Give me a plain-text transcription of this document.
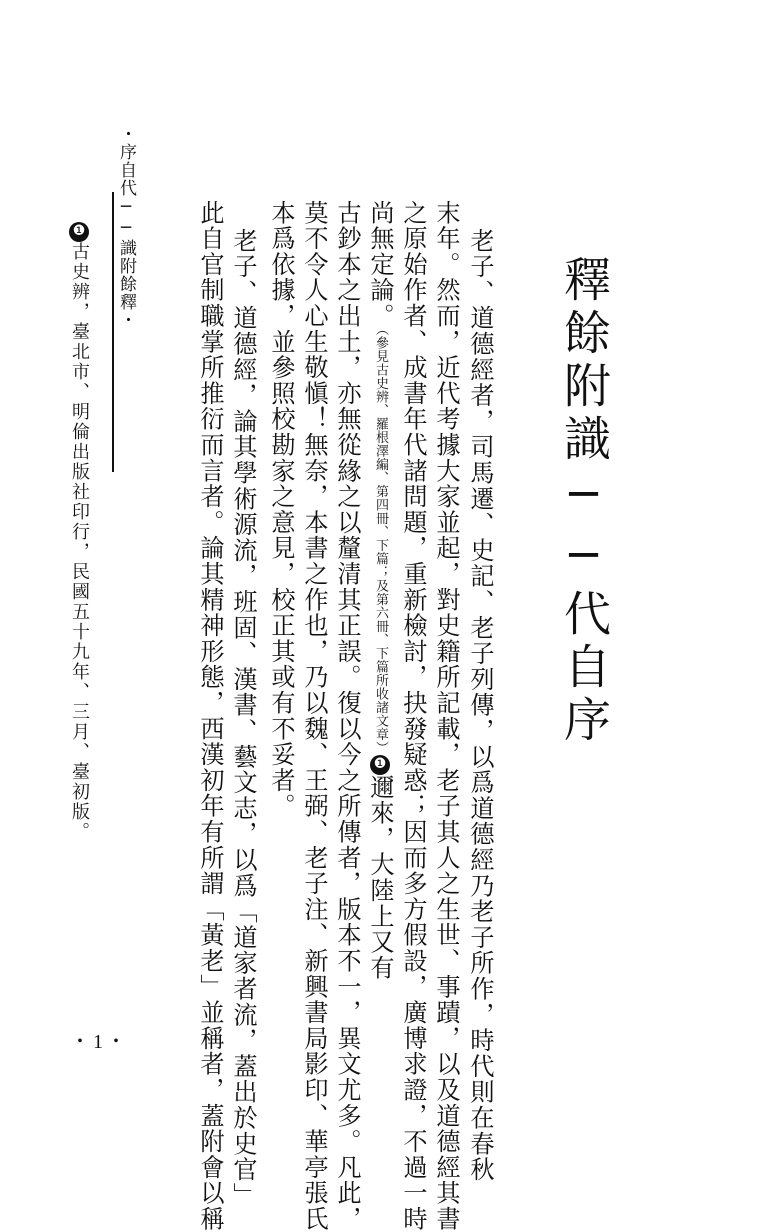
・序自代──識附餘釋・
釋餘附識──代自序
老子、道德經者，司馬遷、史記、老子列傳，以爲道德經乃老子所作，時代則在春秋
末年。然而，近代考據大家並起，對史籍所記載，老子其人之生世、事蹟，以及道德經其書
之原始作者、成書年代諸問題，重新檢討，抉發疑惑；因而多方假設，廣博求證，不過一時
尚無定論。（參見古史辨、羅根澤編、第四冊、下篇；及第六冊、下篇所收諸文章）❶邇來，大陸上又有
古鈔本之出土，亦無從緣之以釐清其正誤。復以今之所傳者，版本不一，異文尤多。凡此，
莫不令人心生敬愼！無奈，本書之作也，乃以魏、王弼、老子注、新興書局影印、華亭張氏
本爲依據，並參照校勘家之意見，校正其或有不妥者。
老子、道德經，論其學術源流，班固、漢書、藝文志，以爲「道家者流，蓋出於史官」
此自官制職掌所推衍而言者。論其精神形態，西漢初年有所謂「黃老」並稱者，蓋附會以稱
❶古史辨，臺北市、明倫出版社印行，民國五十九年、三月、臺初版。
・1・
